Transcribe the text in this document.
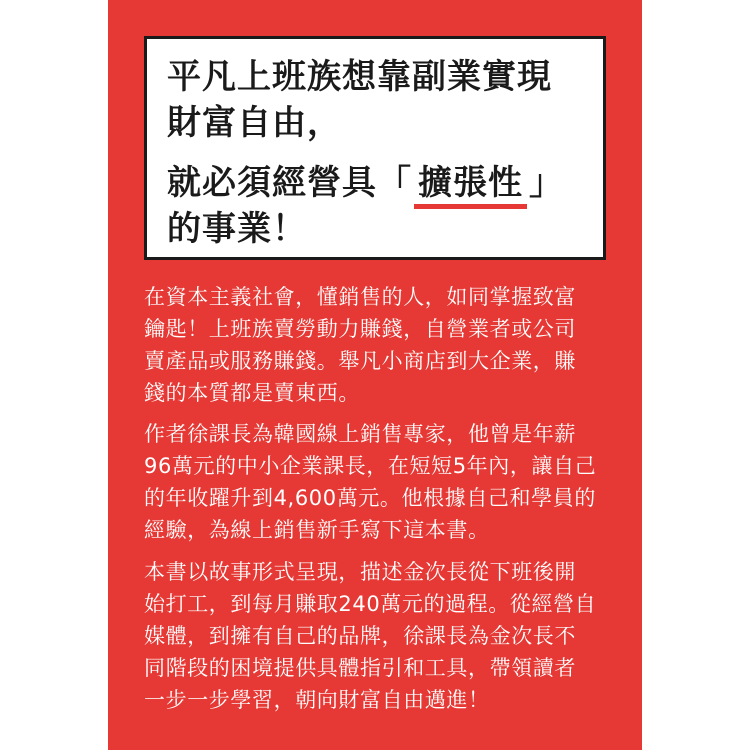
平凡上班族想靠副業實現

財富自由，

就必須經營具「 擴張性 」

的事業！

在資本主義社會，懂銷售的人，如同掌握致富
鑰匙！上班族賣勞動力賺錢，自營業者或公司
賣產品或服務賺錢。舉凡小商店到大企業，賺
錢的本質都是賣東西。

作者徐課長為韓國線上銷售專家，他曾是年薪
96萬元的中小企業課長，在短短5年內，讓自己
的年收躍升到4,600萬元。他根據自己和學員的
經驗，為線上銷售新手寫下這本書。

本書以故事形式呈現，描述金次長從下班後開
始打工，到每月賺取240萬元的過程。從經營自
媒體，到擁有自己的品牌，徐課長為金次長不
同階段的困境提供具體指引和工具，帶領讀者
一步一步學習，朝向財富自由邁進！
